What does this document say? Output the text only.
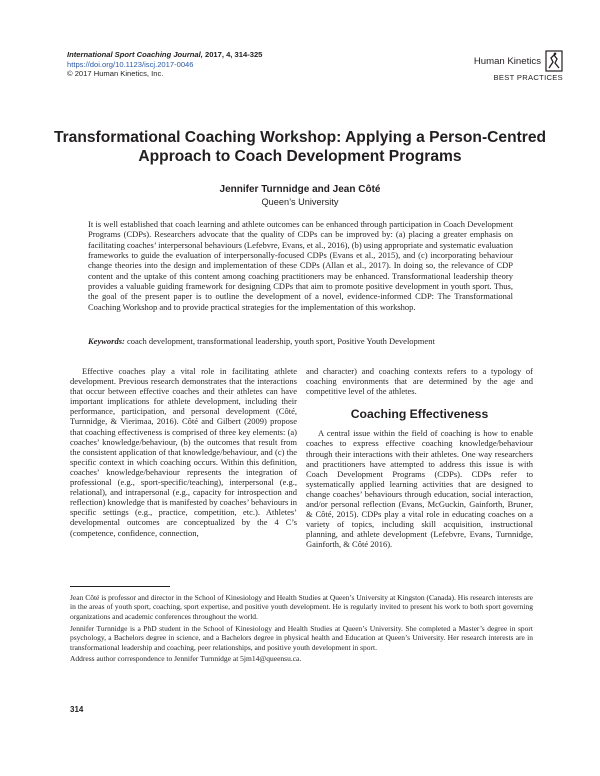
International Sport Coaching Journal, 2017, 4, 314-325
https://doi.org/10.1123/iscj.2017-0046
© 2017 Human Kinetics, Inc.
Human Kinetics
BEST PRACTICES
Transformational Coaching Workshop: Applying a Person-Centred Approach to Coach Development Programs
Jennifer Turnnidge and Jean Côté
Queen’s University
It is well established that coach learning and athlete outcomes can be enhanced through participation in Coach Development Programs (CDPs). Researchers advocate that the quality of CDPs can be improved by: (a) placing a greater emphasis on facilitating coaches’ interpersonal behaviours (Lefebvre, Evans, et al., 2016), (b) using appropriate and systematic evaluation frameworks to guide the evaluation of interpersonally-focused CDPs (Evans et al., 2015), and (c) incorporating behaviour change theories into the design and implementation of these CDPs (Allan et al., 2017). In doing so, the relevance of CDP content and the uptake of this content among coaching practitioners may be enhanced. Transformational leadership theory provides a valuable guiding framework for designing CDPs that aim to promote positive development in youth sport. Thus, the goal of the present paper is to outline the development of a novel, evidence-informed CDP: The Transformational Coaching Workshop and to provide practical strategies for the implementation of this workshop.
Keywords: coach development, transformational leadership, youth sport, Positive Youth Development

Effective coaches play a vital role in facilitating athlete development. Previous research demonstrates that the interactions that occur between effective coaches and their athletes can have important implications for athlete development, including their performance, participation, and personal development (Côté, Turnnidge, & Vierimaa, 2016). Côté and Gilbert (2009) propose that coaching effectiveness is comprised of three key elements: (a) coaches’ knowledge/behaviour, (b) the outcomes that result from the consistent application of that knowledge/behaviour, and (c) the specific context in which coaching occurs. Within this definition, coaches’ knowledge/behaviour represents the integration of professional (e.g., sport-specific/teaching), interpersonal (e.g., relational), and intrapersonal (e.g., capacity for introspection and reflection) knowledge that is manifested by coaches’ behaviours in specific settings (e.g., practice, competition, etc.). Athletes’ developmental outcomes are conceptualized by the 4 C’s (competence, confidence, connection,

and character) and coaching contexts refers to a typology of coaching environments that are determined by the age and competitive level of the athletes.

Coaching Effectiveness

A central issue within the field of coaching is how to enable coaches to express effective coaching knowledge/behaviour through their interactions with their athletes. One way researchers and practitioners have attempted to address this issue is with Coach Development Programs (CDPs). CDPs refer to systematically applied learning activities that are designed to change coaches’ behaviours through education, social interaction, and/or personal reflection (Evans, McGuckin, Gainforth, Bruner, & Côté, 2015). CDPs play a vital role in educating coaches on a variety of topics, including skill acquisition, instructional planning, and athlete development (Lefebvre, Evans, Turnnidge, Gainforth, & Côté 2016).

Jean Côté is professor and director in the School of Kinesiology and Health Studies at Queen’s University at Kingston (Canada). His research interests are in the areas of youth sport, coaching, sport expertise, and positive youth development. He is regularly invited to present his work to both sport governing organizations and academic conferences throughout the world.

Jennifer Turnnidge is a PhD student in the School of Kinesiology and Health Studies at Queen’s University. She completed a Master’s degree in sport psychology, a Bachelors degree in science, and a Bachelors degree in physical health and Education at Queen’s University. Her research interests are in transformational leadership and coaching, peer relationships, and positive youth development in sport.

Address author correspondence to Jennifer Turnnidge at 5jm14@queensu.ca.

314
